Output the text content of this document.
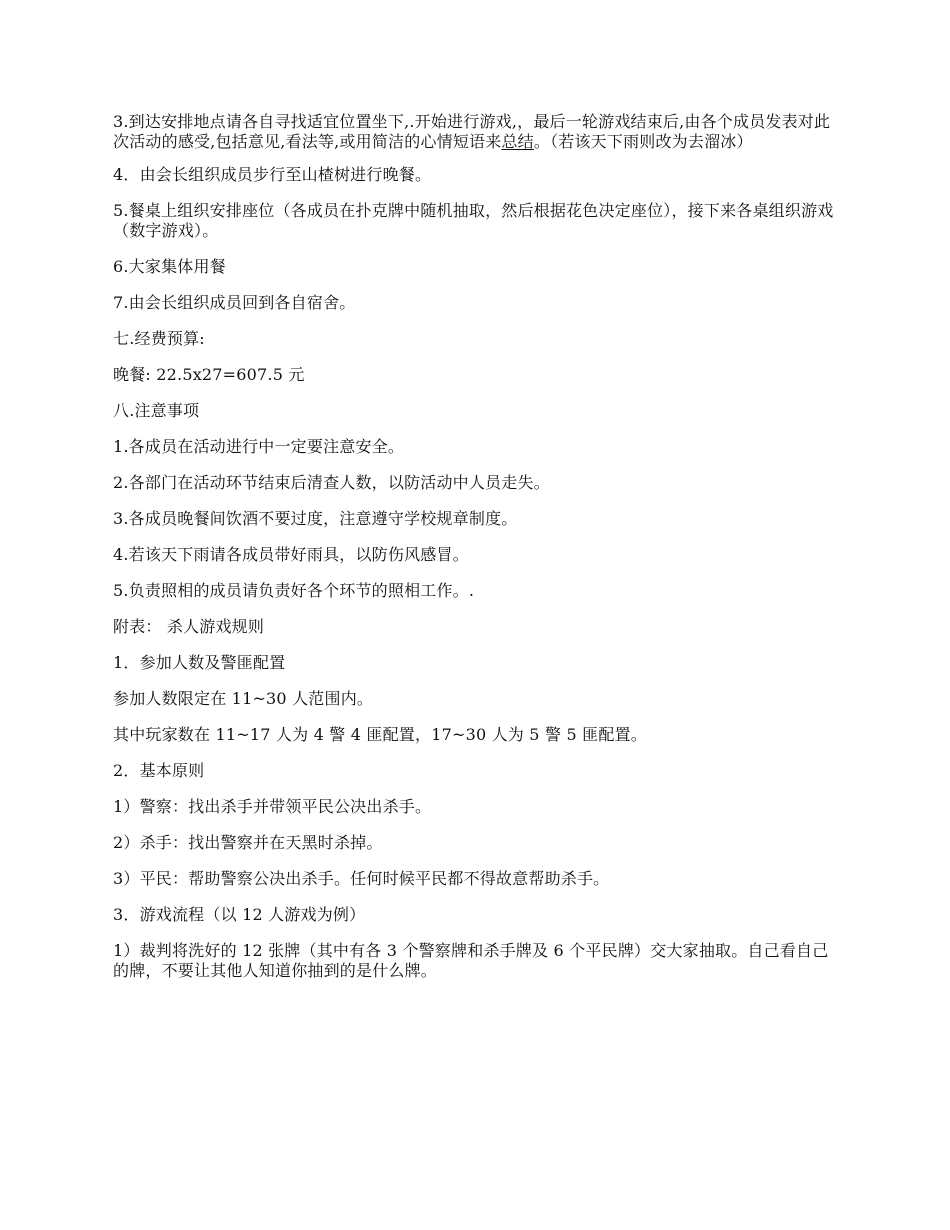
3.到达安排地点请各自寻找适宜位置坐下,.开始进行游戏,，最后一轮游戏结束后,由各个成员发表对此次活动的感受,包括意见,看法等,或用简洁的心情短语来总结。（若该天下雨则改为去溜冰）

4．由会长组织成员步行至山楂树进行晚餐。

5.餐桌上组织安排座位（各成员在扑克牌中随机抽取，然后根据花色决定座位），接下来各桌组织游戏 （数字游戏）。

6.大家集体用餐

7.由会长组织成员回到各自宿舍。

七.经费预算:

晚餐: 22.5x27=607.5 元

八.注意事项

1.各成员在活动进行中一定要注意安全。

2.各部门在活动环节结束后清查人数，以防活动中人员走失。

3.各成员晚餐间饮酒不要过度，注意遵守学校规章制度。

4.若该天下雨请各成员带好雨具，以防伤风感冒。

5.负责照相的成员请负责好各个环节的照相工作。.

附表： 杀人游戏规则

1．参加人数及警匪配置

参加人数限定在 11~30 人范围内。

其中玩家数在 11~17 人为 4 警 4 匪配置，17~30 人为 5 警 5 匪配置。

2．基本原则

1）警察：找出杀手并带领平民公决出杀手。

2）杀手：找出警察并在天黑时杀掉。

3）平民：帮助警察公决出杀手。任何时候平民都不得故意帮助杀手。

3．游戏流程（以 12 人游戏为例）

1）裁判将洗好的 12 张牌（其中有各 3 个警察牌和杀手牌及 6 个平民牌）交大家抽取。自己看自己的牌，不要让其他人知道你抽到的是什么牌。
